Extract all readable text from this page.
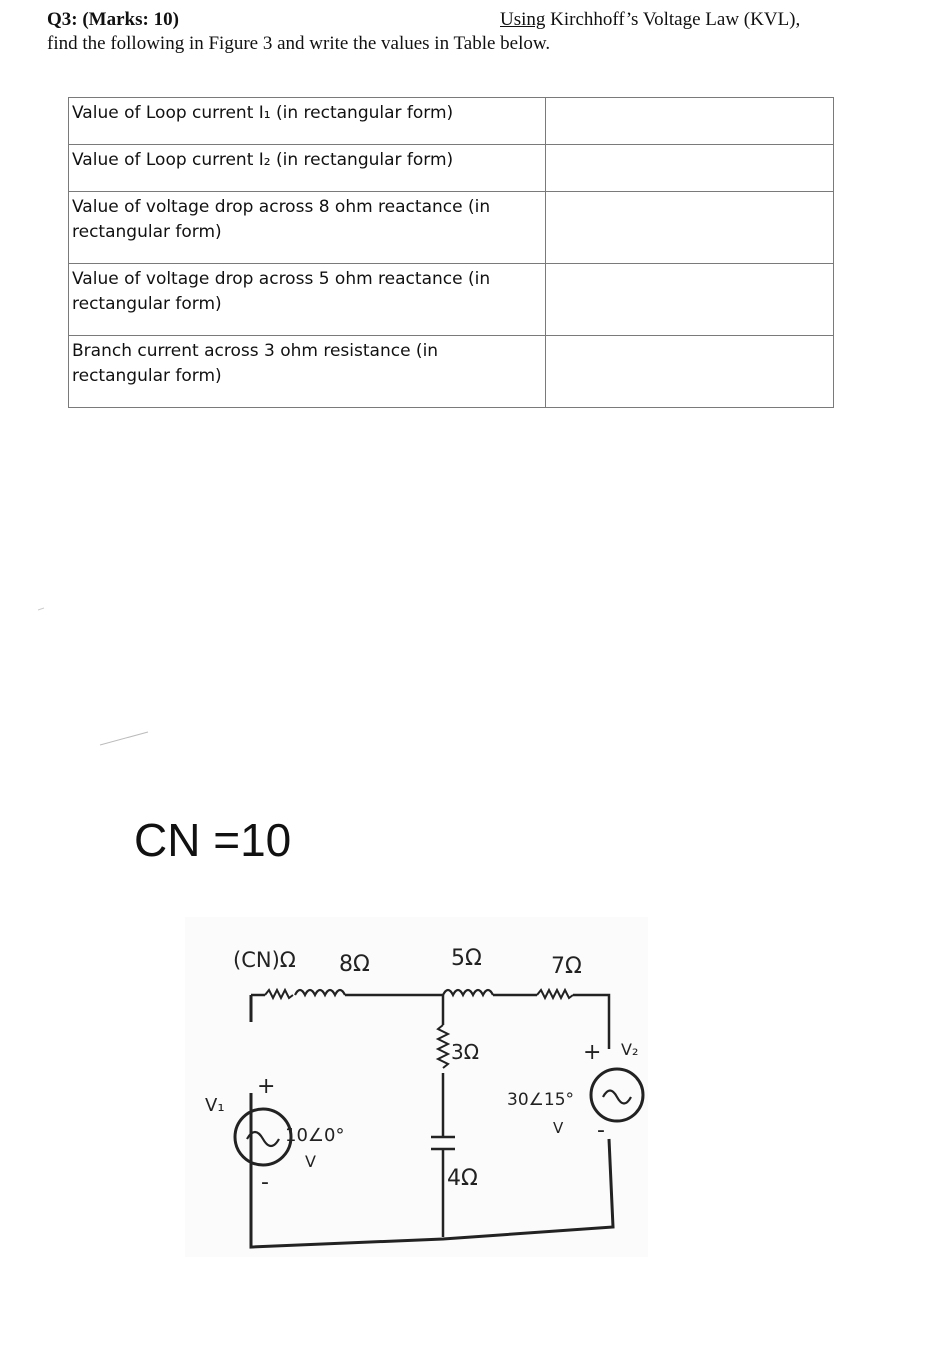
Q3: (Marks: 10)	Using Kirchhoff’s Voltage Law (KVL),
find the following in Figure 3 and write the values in Table below.
Value of Loop current I₁ (in rectangular form)	
Value of Loop current I₂ (in rectangular form)	
Value of voltage drop across 8 ohm reactance (in
rectangular form)	
Value of voltage drop across 5 ohm reactance (in
rectangular form)	
Branch current across 3 ohm resistance (in
rectangular form)	
CN =10
(CN)Ω 8Ω	5Ω	7Ω
3Ω
4Ω
V₁
+
-
10∠0°
V
+
-
30∠15°
V
V₂
